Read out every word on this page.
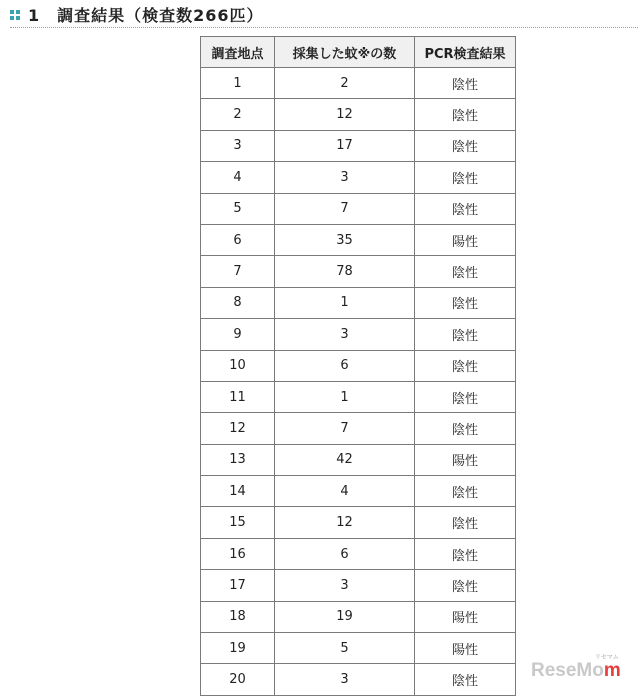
1　調査結果（検査数266匹）
調査地点	採集した蚊※の数	PCR検査結果
1	2	陰性
2	12	陰性
3	17	陰性
4	3	陰性
5	7	陰性
6	35	陽性
7	78	陰性
8	1	陰性
9	3	陰性
10	6	陰性
11	1	陰性
12	7	陰性
13	42	陽性
14	4	陰性
15	12	陰性
16	6	陰性
17	3	陰性
18	19	陽性
19	5	陽性
20	3	陰性
ReseMom
リセマム
